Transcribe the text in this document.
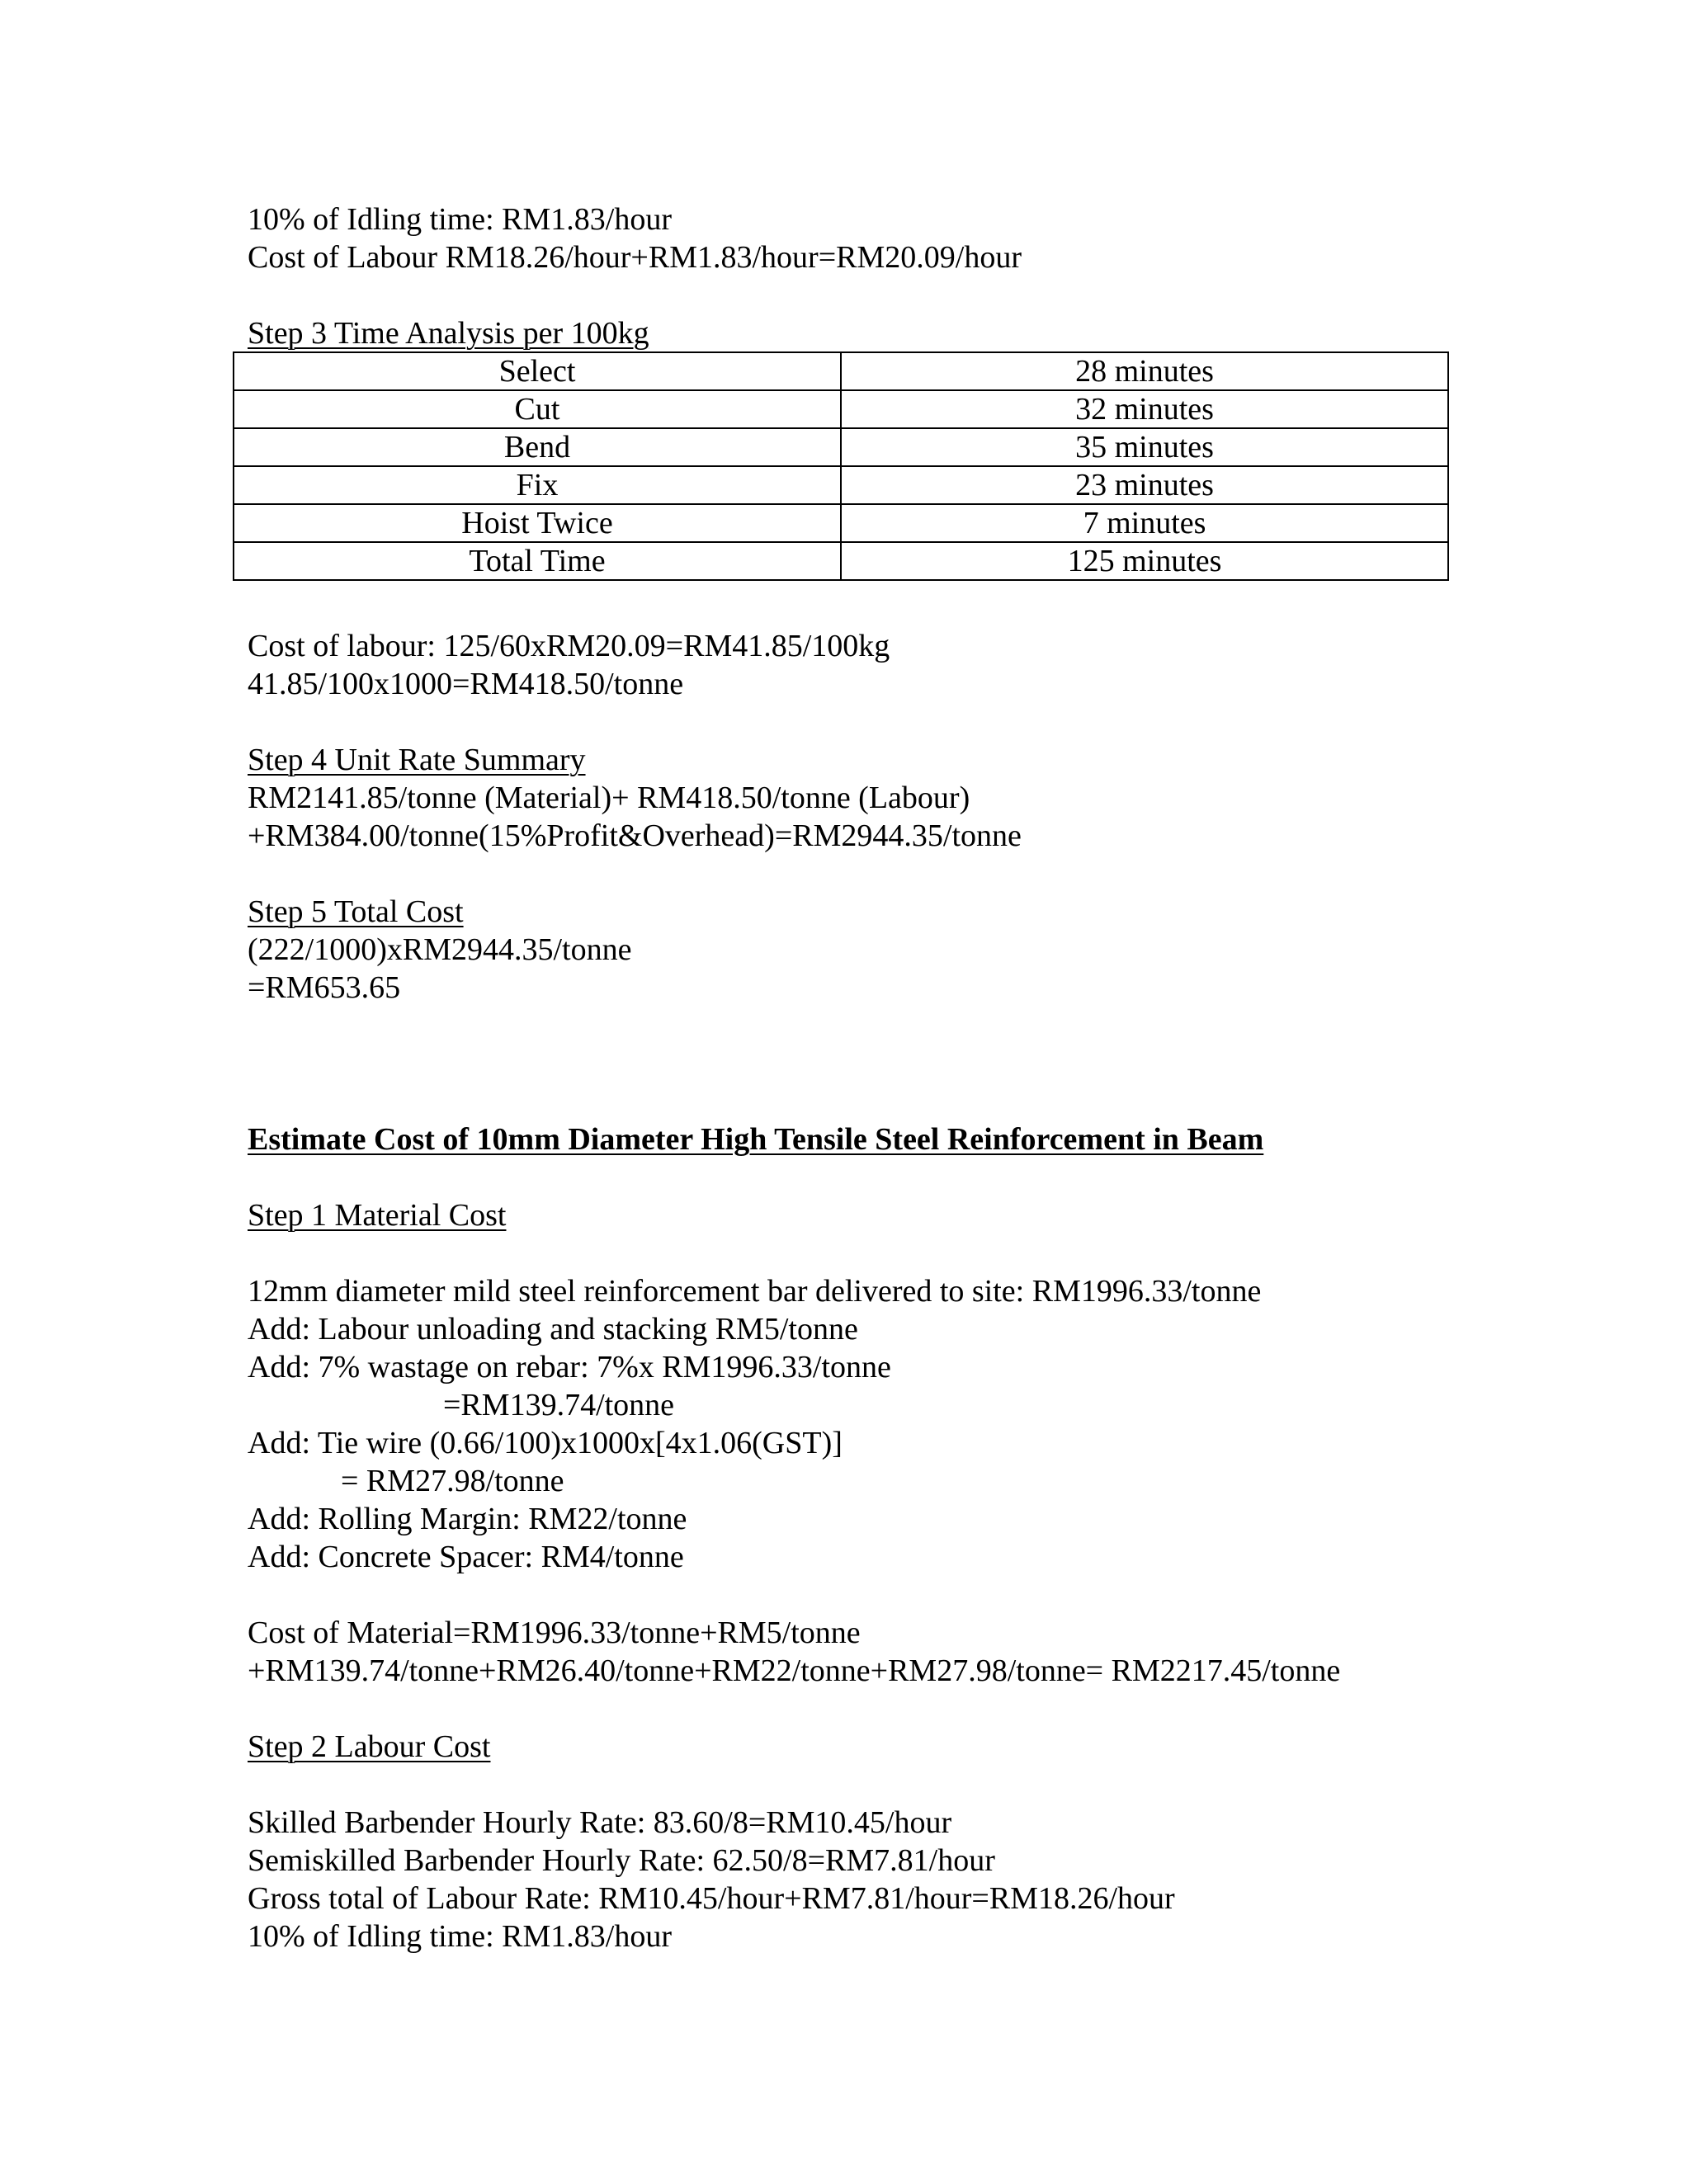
10% of Idling time: RM1.83/hour
Cost of Labour RM18.26/hour+RM1.83/hour=RM20.09/hour
Step 3 Time Analysis per 100kg
Select	28 minutes
Cut	32 minutes
Bend	35 minutes
Fix	23 minutes
Hoist Twice	7 minutes
Total Time	125 minutes
Cost of labour: 125/60xRM20.09=RM41.85/100kg
41.85/100x1000=RM418.50/tonne
Step 4 Unit Rate Summary
RM2141.85/tonne (Material)+ RM418.50/tonne (Labour)
+RM384.00/tonne(15%Profit&Overhead)=RM2944.35/tonne
Step 5 Total Cost
(222/1000)xRM2944.35/tonne
=RM653.65
Estimate Cost of 10mm Diameter High Tensile Steel Reinforcement in Beam
Step 1 Material Cost
12mm diameter mild steel reinforcement bar delivered to site: RM1996.33/tonne
Add: Labour unloading and stacking RM5/tonne
Add: 7% wastage on rebar: 7%x RM1996.33/tonne
=RM139.74/tonne
Add: Tie wire (0.66/100)x1000x[4x1.06(GST)]
= RM27.98/tonne
Add: Rolling Margin: RM22/tonne
Add: Concrete Spacer: RM4/tonne
Cost of Material=RM1996.33/tonne+RM5/tonne
+RM139.74/tonne+RM26.40/tonne+RM22/tonne+RM27.98/tonne= RM2217.45/tonne
Step 2 Labour Cost
Skilled Barbender Hourly Rate: 83.60/8=RM10.45/hour
Semiskilled Barbender Hourly Rate: 62.50/8=RM7.81/hour
Gross total of Labour Rate: RM10.45/hour+RM7.81/hour=RM18.26/hour
10% of Idling time: RM1.83/hour
